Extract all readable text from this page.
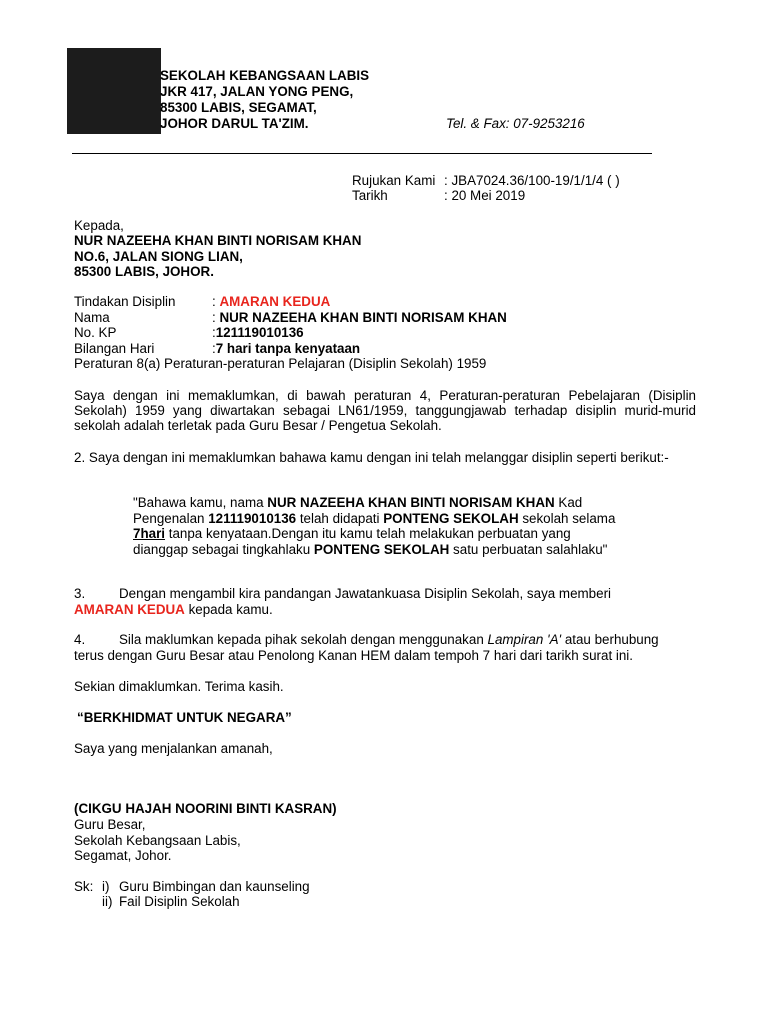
SEKOLAH KEBANGSAAN LABIS
JKR 417, JALAN YONG PENG,
85300 LABIS, SEGAMAT,
JOHOR DARUL TA'ZIM.	Tel. & Fax: 07-9253216
Rujukan Kami : JBA7024.36/100-19/1/1/4 ( )
Tarikh	: 20 Mei 2019
Kepada,
NUR NAZEEHA KHAN BINTI NORISAM KHAN
NO.6, JALAN SIONG LIAN,
85300 LABIS, JOHOR.
Tindakan Disiplin	: AMARAN KEDUA
Nama	: NUR NAZEEHA KHAN BINTI NORISAM KHAN
No. KP	:121119010136
Bilangan Hari	:7 hari tanpa kenyataan
Peraturan 8(a) Peraturan-peraturan Pelajaran (Disiplin Sekolah) 1959
Saya dengan ini memaklumkan, di bawah peraturan 4, Peraturan-peraturan Pebelajaran (Disiplin Sekolah) 1959 yang diwartakan sebagai LN61/1959, tanggungjawab terhadap disiplin murid-murid sekolah adalah terletak pada Guru Besar / Pengetua Sekolah.
2. Saya dengan ini memaklumkan bahawa kamu dengan ini telah melanggar disiplin seperti berikut:-
"Bahawa kamu, nama NUR NAZEEHA KHAN BINTI NORISAM KHAN Kad Pengenalan 121119010136 telah didapati PONTENG SEKOLAH sekolah selama 7hari tanpa kenyataan.Dengan itu kamu telah melakukan perbuatan yang dianggap sebagai tingkahlaku PONTENG SEKOLAH satu perbuatan salahlaku"
3.	Dengan mengambil kira pandangan Jawatankuasa Disiplin Sekolah, saya memberi
AMARAN KEDUA kepada kamu.
4.	Sila maklumkan kepada pihak sekolah dengan menggunakan Lampiran 'A' atau berhubung
terus dengan Guru Besar atau Penolong Kanan HEM dalam tempoh 7 hari dari tarikh surat ini.
Sekian dimaklumkan. Terima kasih.
“BERKHIDMAT UNTUK NEGARA”
Saya yang menjalankan amanah,
(CIKGU HAJAH NOORINI BINTI KASRAN)
Guru Besar,
Sekolah Kebangsaan Labis,
Segamat, Johor.
Sk: i) Guru Bimbingan dan kaunseling
ii) Fail Disiplin Sekolah
